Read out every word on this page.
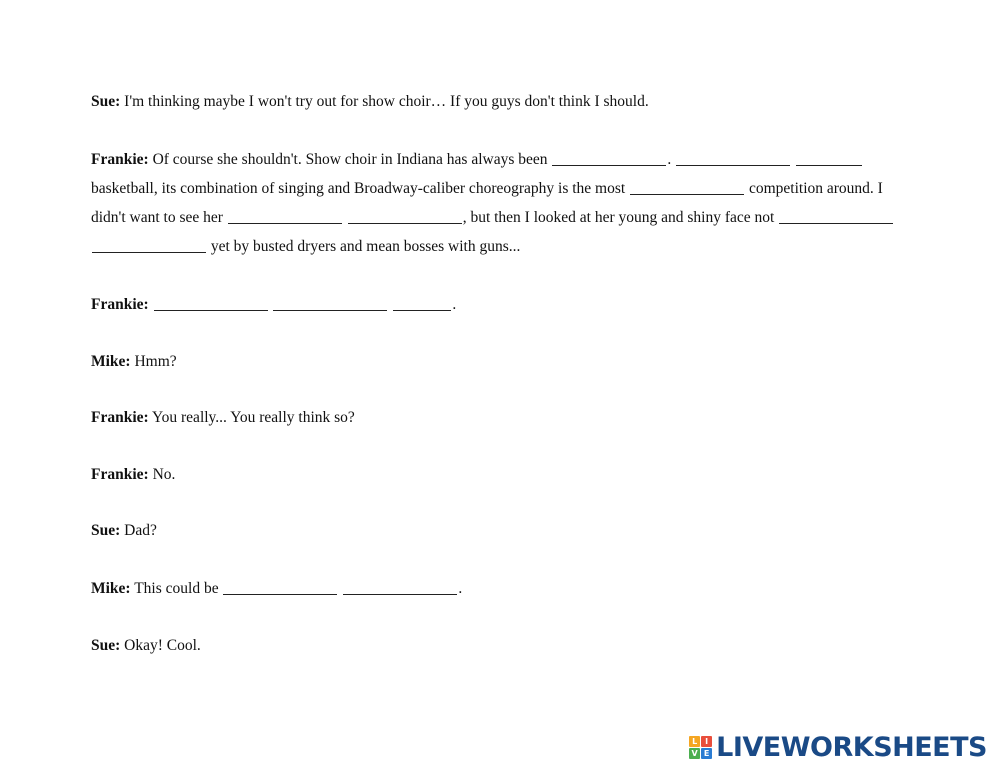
Sue: I'm thinking maybe I won't try out for show choir… If you guys don't think I should.

Frankie: Of course she shouldn't. Show choir in Indiana has always been	.   basketball, its combination of singing and Broadway-caliber choreography is the most	competition around. I didn't want to see her	, but then I looked at her young and shiny face not   yet by busted dryers and mean bosses with guns...

Frankie:	.

Mike: Hmm?

Frankie: You really... You really think so?

Frankie: No.

Sue: Dad?

Mike: This could be	.

Sue: Okay! Cool.

L I
V E LIVEWORKSHEETS
